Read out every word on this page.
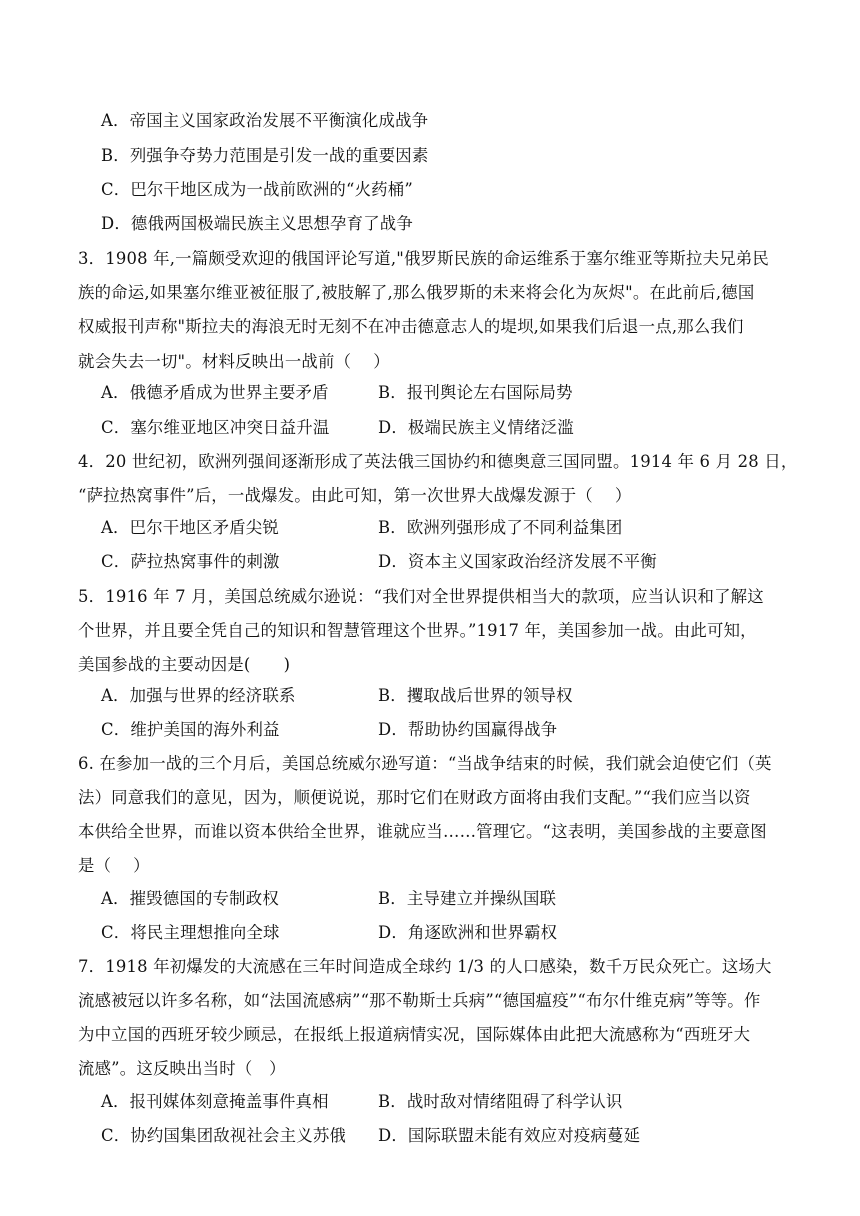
A．帝国主义国家政治发展不平衡演化成战争
B．列强争夺势力范围是引发一战的重要因素
C．巴尔干地区成为一战前欧洲的“火药桶”
D．德俄两国极端民族主义思想孕育了战争
3．1908 年,一篇颇受欢迎的俄国评论写道,"俄罗斯民族的命运维系于塞尔维亚等斯拉夫兄弟民
族的命运,如果塞尔维亚被征服了,被肢解了,那么俄罗斯的未来将会化为灰烬"。在此前后,德国
权威报刊声称"斯拉夫的海浪无时无刻不在冲击德意志人的堤坝,如果我们后退一点,那么我们
就会失去一切"。材料反映出一战前（　 ）
A．俄德矛盾成为世界主要矛盾	B．报刊舆论左右国际局势
C．塞尔维亚地区冲突日益升温	D．极端民族主义情绪泛滥
4．20 世纪初，欧洲列强间逐渐形成了英法俄三国协约和德奥意三国同盟。1914 年 6 月 28 日，
“萨拉热窝事件”后，一战爆发。由此可知，第一次世界大战爆发源于（　 ）
A．巴尔干地区矛盾尖锐	B．欧洲列强形成了不同利益集团
C．萨拉热窝事件的刺激	D．资本主义国家政治经济发展不平衡
5．1916 年 7 月，美国总统威尔逊说：“我们对全世界提供相当大的款项，应当认识和了解这
个世界，并且要全凭自己的知识和智慧管理这个世界。”1917 年，美国参加一战。由此可知，
美国参战的主要动因是(　　)
A．加强与世界的经济联系	B．攫取战后世界的领导权
C．维护美国的海外利益	D．帮助协约国赢得战争
6. 在参加一战的三个月后，美国总统威尔逊写道：“当战争结束的时候，我们就会迫使它们（英
法）同意我们的意见，因为，顺便说说，那时它们在财政方面将由我们支配。”“我们应当以资
本供给全世界，而谁以资本供给全世界，谁就应当……管理它。“这表明，美国参战的主要意图
是（　 ）
A．摧毁德国的专制政权	B．主导建立并操纵国联
C．将民主理想推向全球	D．角逐欧洲和世界霸权
7．1918 年初爆发的大流感在三年时间造成全球约 1/3 的人口感染，数千万民众死亡。这场大
流感被冠以许多名称，如“法国流感病”“那不勒斯士兵病”“德国瘟疫”“布尔什维克病”等等。作
为中立国的西班牙较少顾忌，在报纸上报道病情实况，国际媒体由此把大流感称为“西班牙大
流感”。这反映出当时（　）
A．报刊媒体刻意掩盖事件真相	B．战时敌对情绪阻碍了科学认识
C．协约国集团敌视社会主义苏俄 D．国际联盟未能有效应对疫病蔓延
